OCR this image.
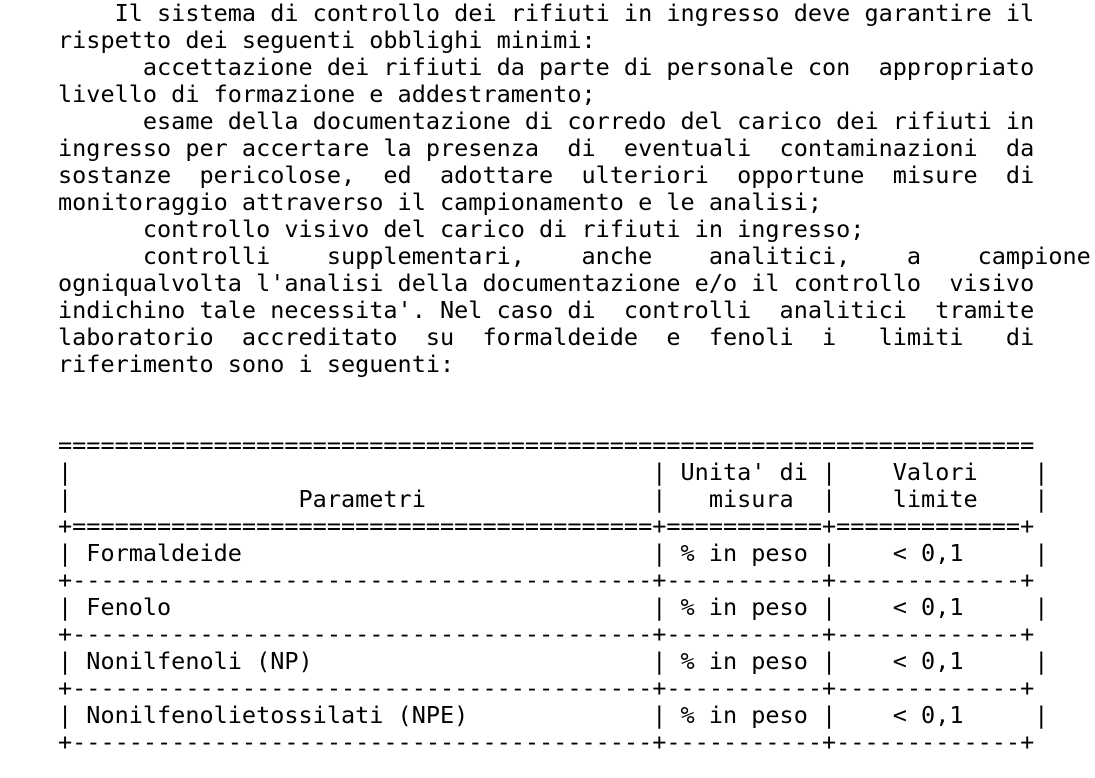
Il sistema di controllo dei rifiuti in ingresso deve garantire il
rispetto dei seguenti obblighi minimi:
accettazione dei rifiuti da parte di personale con  appropriato
livello di formazione e addestramento;
esame della documentazione di corredo del carico dei rifiuti in
ingresso per accertare la presenza  di  eventuali  contaminazioni  da
sostanze  pericolose,  ed  adottare  ulteriori  opportune  misure  di
monitoraggio attraverso il campionamento e le analisi;
controllo visivo del carico di rifiuti in ingresso;
controlli    supplementari,    anche    analitici,    a    campione
ogniqualvolta l'analisi della documentazione e/o il controllo  visivo
indichino tale necessita'. Nel caso di  controlli  analitici  tramite
laboratorio  accreditato  su  formaldeide  e  fenoli  i   limiti   di
riferimento sono i seguenti:
=====================================================================
|                                         | Unita' di |    Valori    |
|                Parametri                |   misura  |    limite    |
+=========================================+===========+=============+
| Formaldeide                             | % in peso |    < 0,1     |
+-----------------------------------------+-----------+-------------+
| Fenolo                                  | % in peso |    < 0,1     |
+-----------------------------------------+-----------+-------------+
| Nonilfenoli (NP)                        | % in peso |    < 0,1     |
+-----------------------------------------+-----------+-------------+
| Nonilfenolietossilati (NPE)             | % in peso |    < 0,1     |
+-----------------------------------------+-----------+-------------+
